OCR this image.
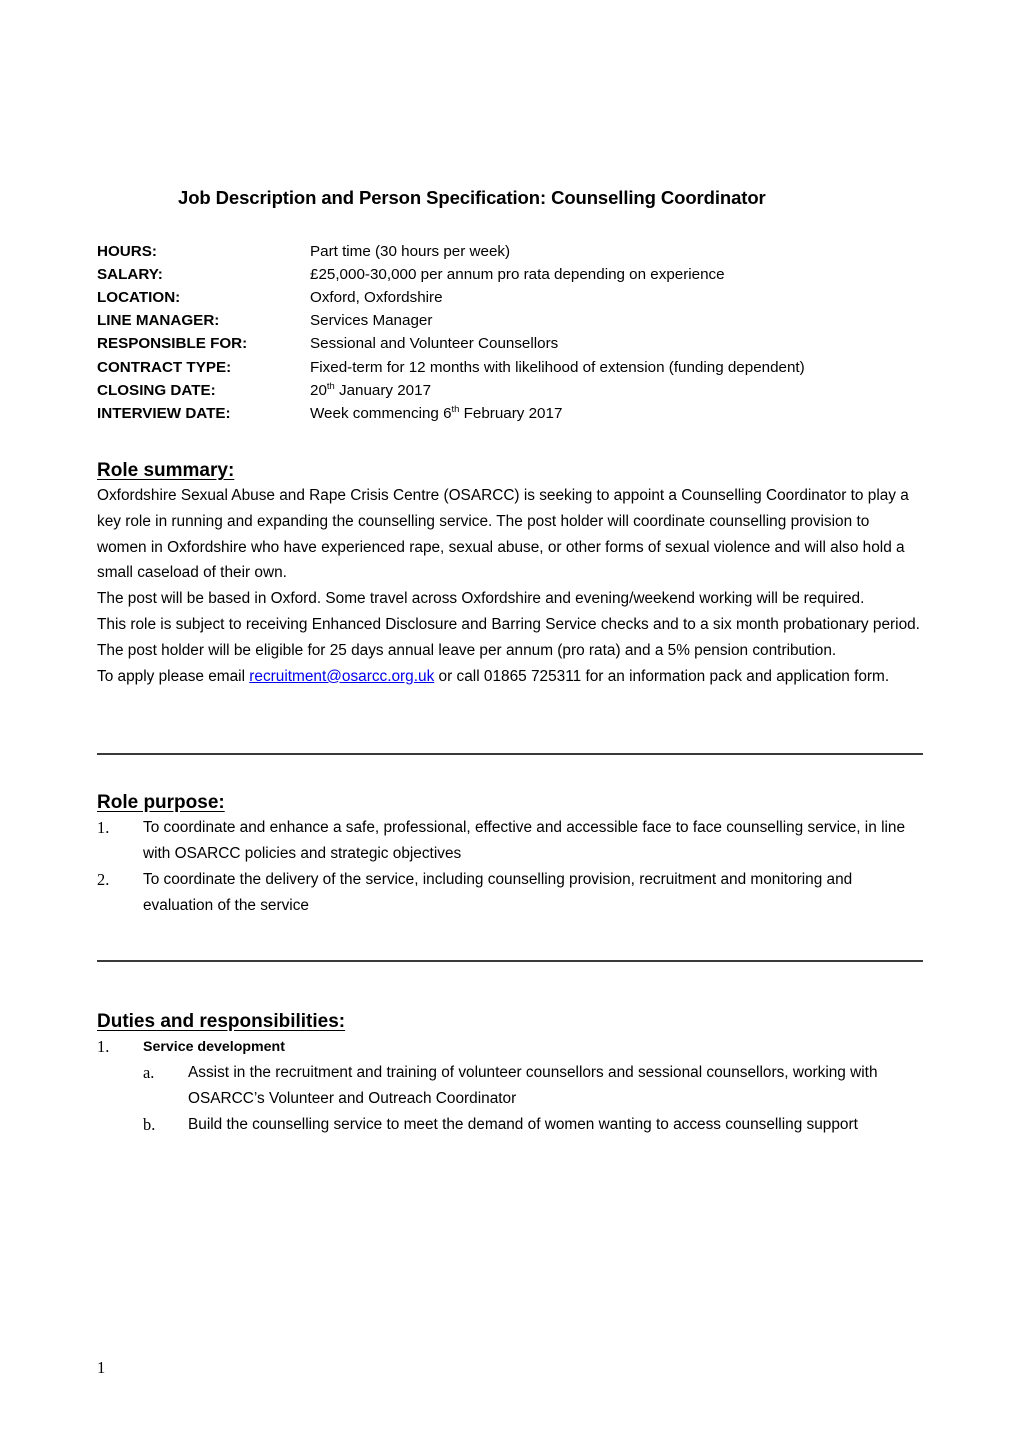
Job Description and Person Specification: Counselling Coordinator
HOURS:	Part time (30 hours per week)
SALARY:	£25,000-30,000 per annum pro rata depending on experience
LOCATION:	Oxford, Oxfordshire
LINE MANAGER:	Services Manager
RESPONSIBLE FOR:	Sessional and Volunteer Counsellors
CONTRACT TYPE:	Fixed-term for 12 months with likelihood of extension (funding dependent)
CLOSING DATE:	20th January 2017
INTERVIEW DATE:	Week commencing 6th February 2017
Role summary:

Oxfordshire Sexual Abuse and Rape Crisis Centre (OSARCC) is seeking to appoint a Counselling Coordinator to play a key role in running and expanding the counselling service. The post holder will coordinate counselling provision to women in Oxfordshire who have experienced rape, sexual abuse, or other forms of sexual violence and will also hold a small caseload of their own.

The post will be based in Oxford. Some travel across Oxfordshire and evening/weekend working will be required.

This role is subject to receiving Enhanced Disclosure and Barring Service checks and to a six month probationary period.

The post holder will be eligible for 25 days annual leave per annum (pro rata) and a 5% pension contribution.

To apply please email recruitment@osarcc.org.uk or call 01865 725311 for an information pack and application form.

Role purpose:
1.	To coordinate and enhance a safe, professional, effective and accessible face to face counselling service, in line with OSARCC policies and strategic objectives
2.	To coordinate the delivery of the service, including counselling provision, recruitment and monitoring and evaluation of the service
Duties and responsibilities:
1.	Service development
a.	Assist in the recruitment and training of volunteer counsellors and sessional counsellors, working with OSARCC’s Volunteer and Outreach Coordinator
b.	Build the counselling service to meet the demand of women wanting to access counselling support
1
